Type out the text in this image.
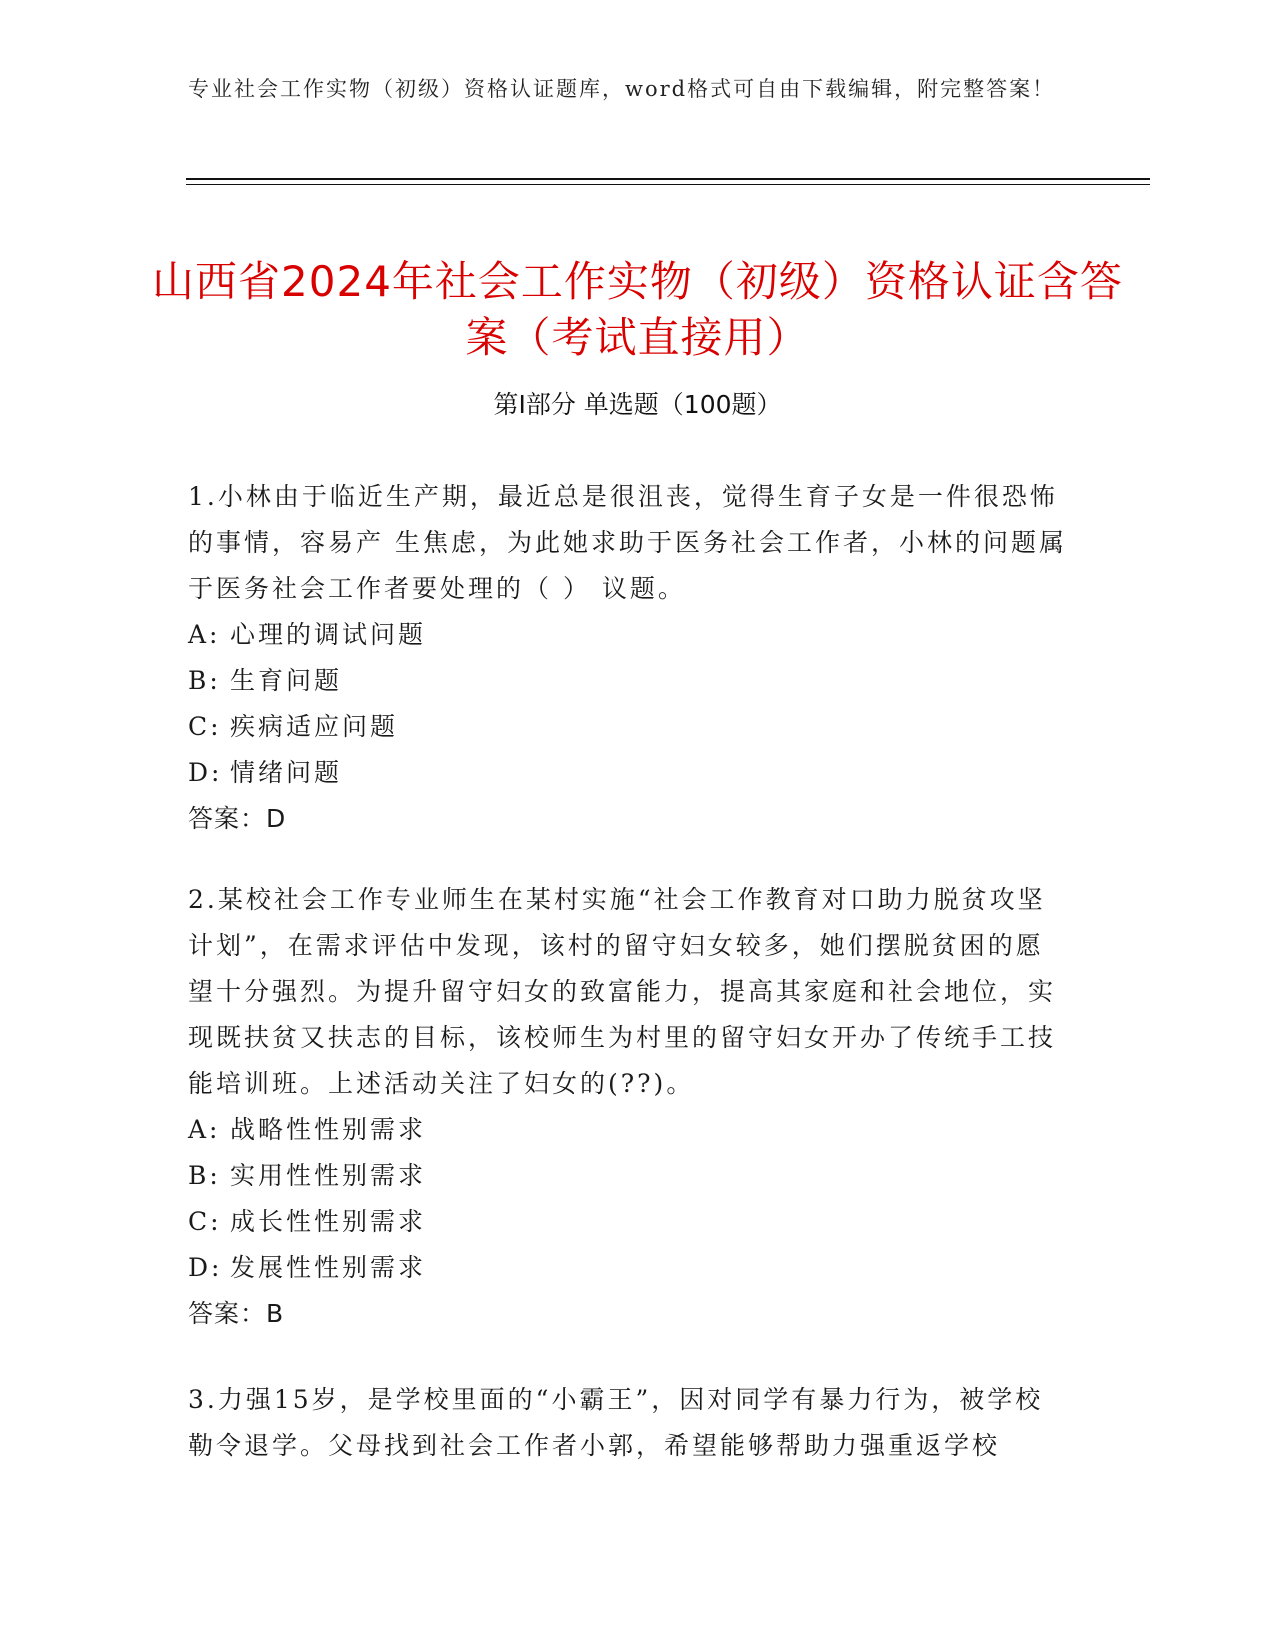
专业社会工作实物（初级）资格认证题库，word格式可自由下载编辑，附完整答案！
山西省2024年社会工作实物（初级）资格认证含答案（考试直接用）
第Ⅰ部分 单选题（100题）

1.小林由于临近生产期，最近总是很沮丧，觉得生育子女是一件很恐怖的事情，容易产 生焦虑，为此她求助于医务社会工作者，小林的问题属于医务社会工作者要处理的（ ） 议题。

A: 心理的调试问题

B: 生育问题

C: 疾病适应问题

D: 情绪问题

答案：D

2.某校社会工作专业师生在某村实施“社会工作教育对口助力脱贫攻坚计划”，在需求评估中发现，该村的留守妇女较多，她们摆脱贫困的愿望十分强烈。为提升留守妇女的致富能力，提高其家庭和社会地位，实现既扶贫又扶志的目标，该校师生为村里的留守妇女开办了传统手工技能培训班。上述活动关注了妇女的(??)。

A: 战略性性别需求

B: 实用性性别需求

C: 成长性性别需求

D: 发展性性别需求

答案：B

3.力强15岁，是学校里面的“小霸王”，因对同学有暴力行为，被学校勒令退学。父母找到社会工作者小郭，希望能够帮助力强重返学校
